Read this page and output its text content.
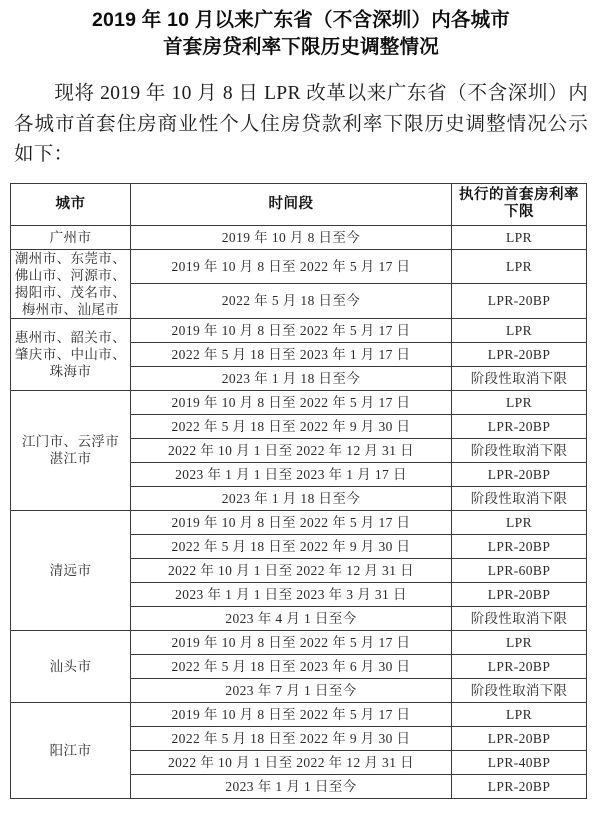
2019 年 10 月以来广东省（不含深圳）内各城市
首套房贷利率下限历史调整情况

现将 2019 年 10 月 8 日 LPR 改革以来广东省（不含深圳）内各城市首套住房商业性个人住房贷款利率下限历史调整情况公示如下：

城市	时间段	执行的首套房利率下限

广州市	2019 年 10 月 8 日至今	LPR

潮州市、东莞市、
佛山市、河源市、
揭阳市、茂名市、
梅州市、汕尾市	2019 年 10 月 8 日至 2022 年 5 月 17 日	LPR
	2022 年 5 月 18 日至今	LPR-20BP

惠州市、韶关市、
肇庆市、中山市、
珠海市	2019 年 10 月 8 日至 2022 年 5 月 17 日	LPR
	2022 年 5 月 18 日至 2023 年 1 月 17 日	LPR-20BP
	2023 年 1 月 18 日至今	阶段性取消下限

江门市、云浮市
湛江市	2019 年 10 月 8 日至 2022 年 5 月 17 日	LPR
	2022 年 5 月 18 日至 2022 年 9 月 30 日	LPR-20BP
	2022 年 10 月 1 日至 2022 年 12 月 31 日	阶段性取消下限
	2023 年 1 月 1 日至 2023 年 1 月 17 日	LPR-20BP
	2023 年 1 月 18 日至今	阶段性取消下限

清远市	2019 年 10 月 8 日至 2022 年 5 月 17 日	LPR
	2022 年 5 月 18 日至 2022 年 9 月 30 日	LPR-20BP
	2022 年 10 月 1 日至 2022 年 12 月 31 日	LPR-60BP
	2023 年 1 月 1 日至 2023 年 3 月 31 日	LPR-20BP
	2023 年 4 月 1 日至今	阶段性取消下限

汕头市	2019 年 10 月 8 日至 2022 年 5 月 17 日	LPR
	2022 年 5 月 18 日至 2023 年 6 月 30 日	LPR-20BP
	2023 年 7 月 1 日至今	阶段性取消下限

阳江市	2019 年 10 月 8 日至 2022 年 5 月 17 日	LPR
	2022 年 5 月 18 日至 2022 年 9 月 30 日	LPR-20BP
	2022 年 10 月 1 日至 2022 年 12 月 31 日	LPR-40BP
	2023 年 1 月 1 日至今	LPR-20BP
